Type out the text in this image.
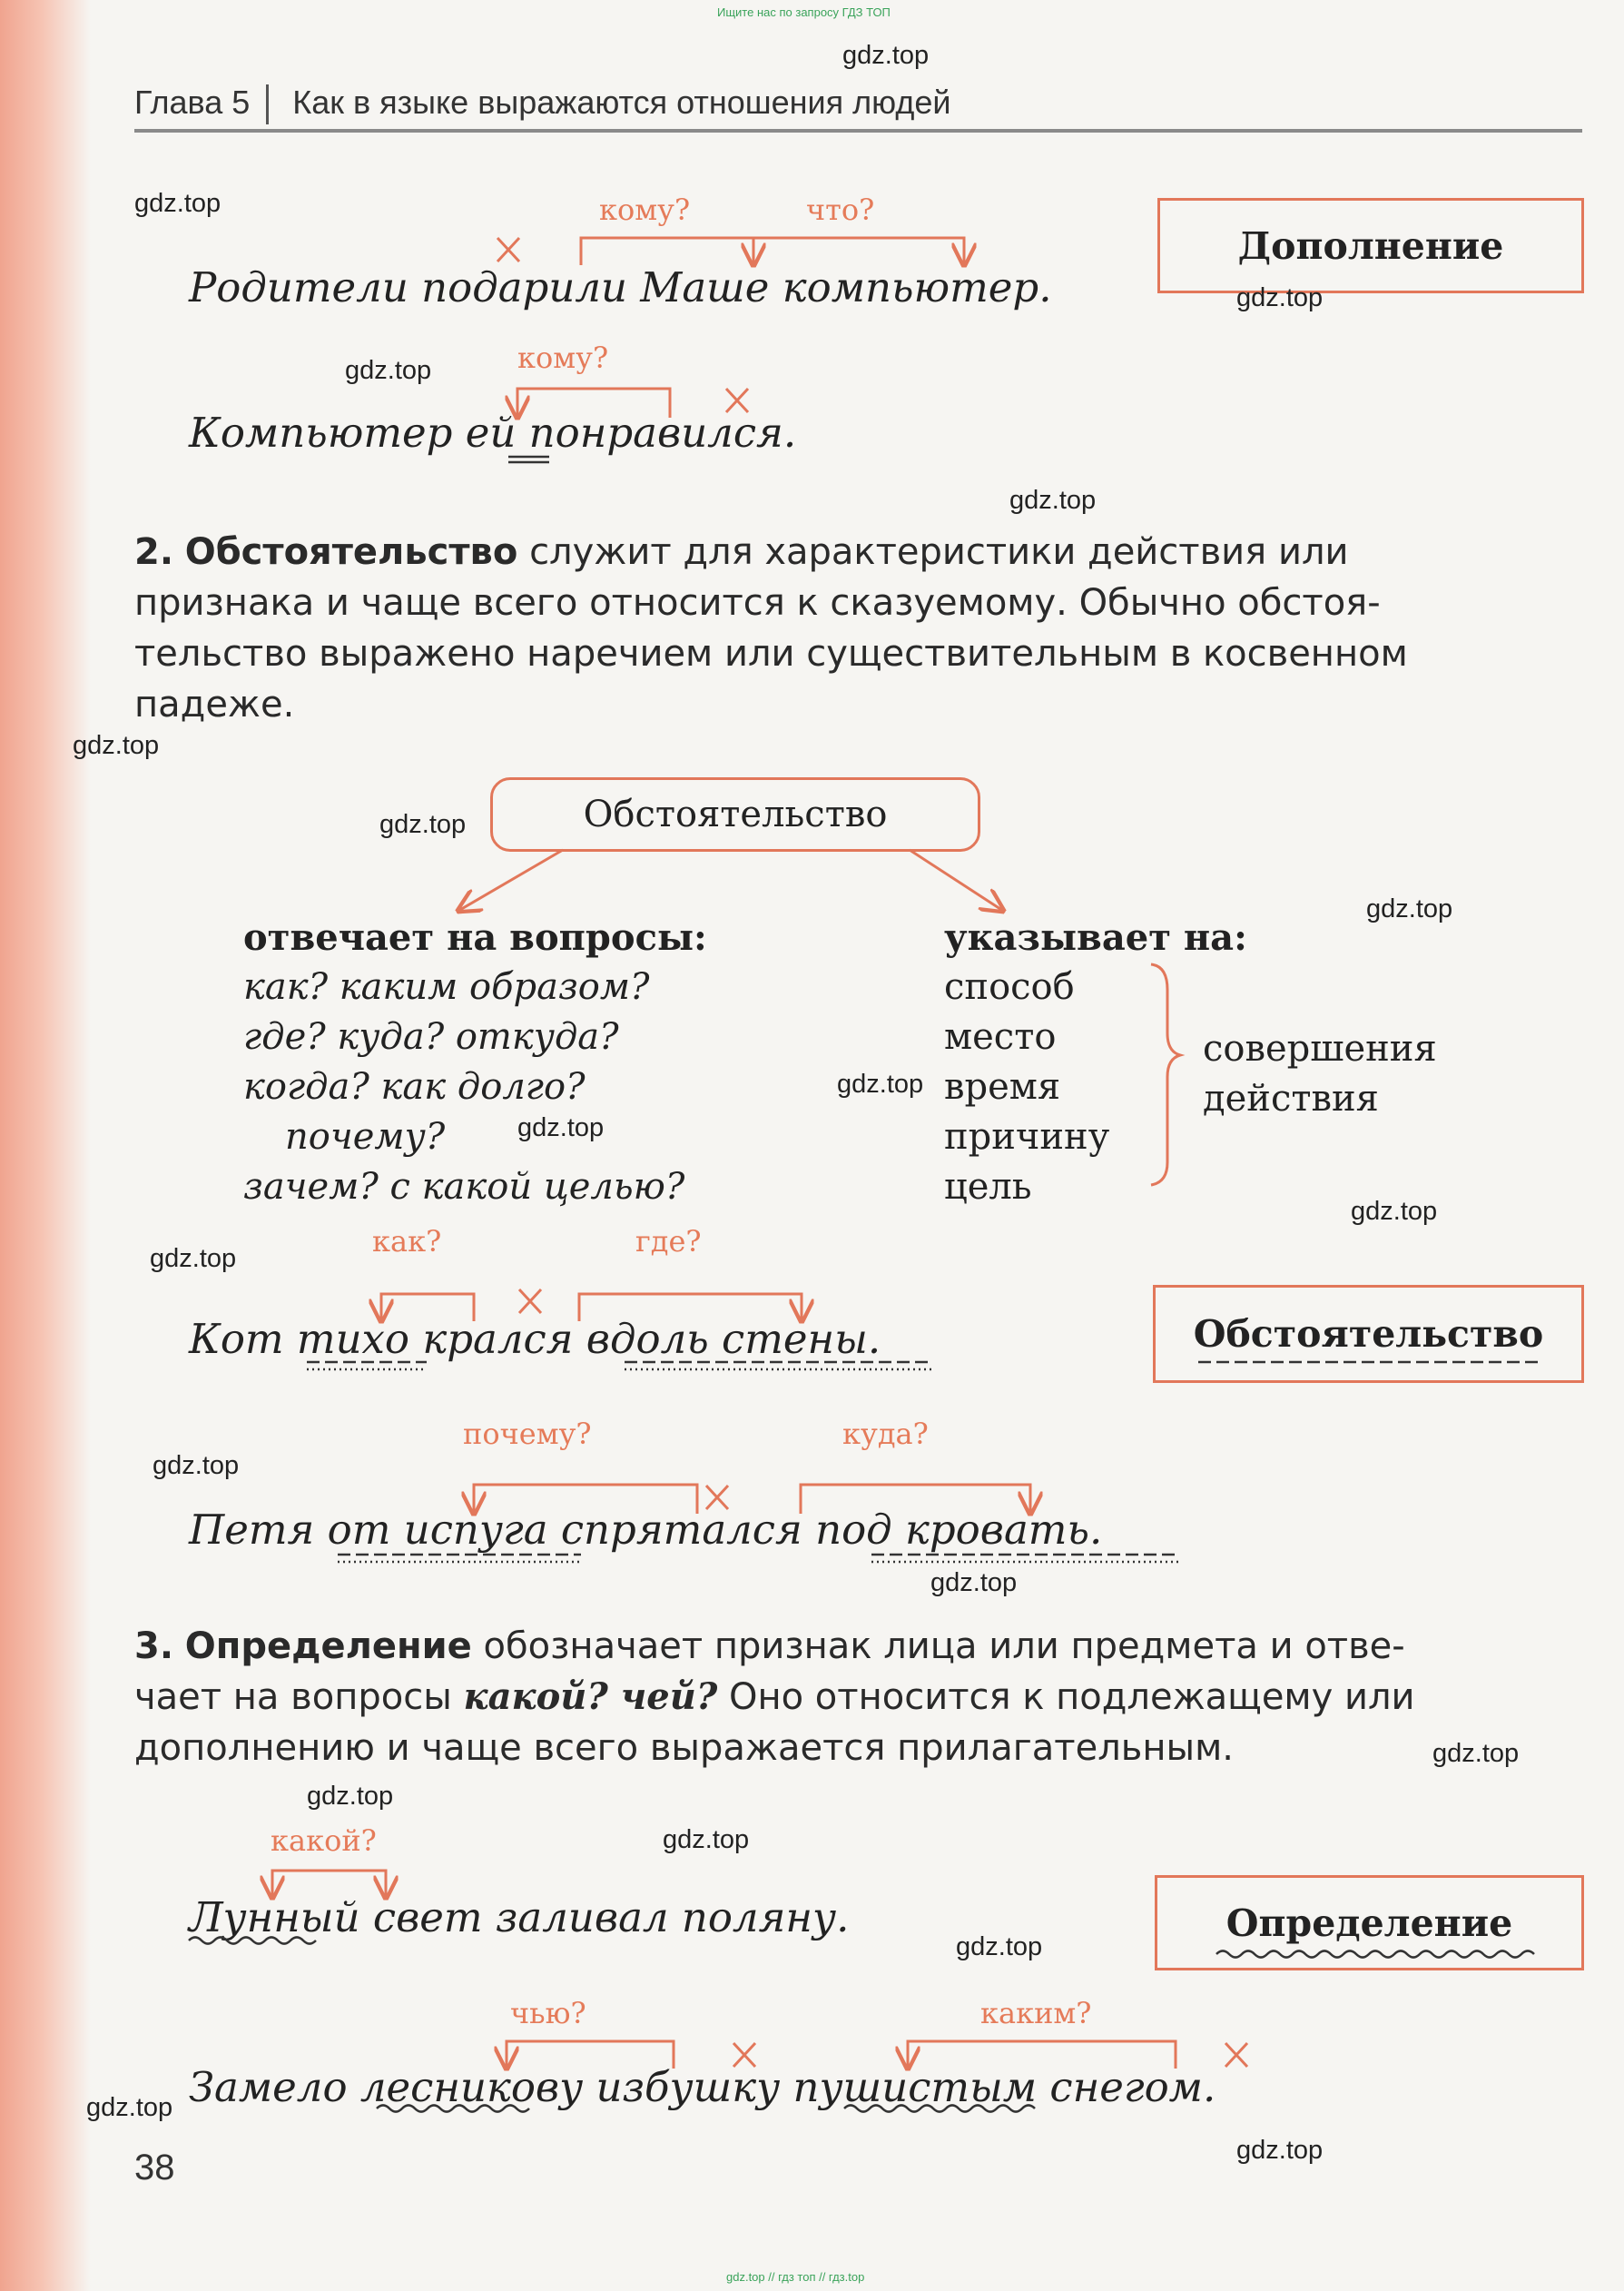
Ищите нас по запросу ГДЗ ТОП
Глава 5 Как в языке выражаются отношения людей
кому?	что?
Родители подарили Маше компьютер.
Дополнение
кому?
Компьютер ей понравился.
2. Обстоятельство служит для характеристики действия или
признака и чаще всего относится к сказуемому. Обычно обстоя-
тельство выражено наречием или существительным в косвенном
падеже.
Обстоятельство
отвечает на вопросы:
как? каким образом?
где? куда? откуда?
когда? как долго?
почему?
зачем? с какой целью?
указывает на:
способ
место
время
причину
цель
совершения
действия
как?	где?
Кот тихо крался вдоль стены.	Обстоятельство
почему?	куда?
Петя от испуга спрятался под кровать.
3. Определение обозначает признак лица или предмета и отве-
чает на вопросы какой? чей? Оно относится к подлежащему или
дополнению и чаще всего выражается прилагательным.
какой?
Лунный свет заливал поляну.	Определение
чью?	каким?
Замело лесникову избушку пушистым снегом.
38
gdz.top // гдз топ // гдз.top
gdz.top
gdz.top
gdz.top
gdz.top
gdz.top
gdz.top
gdz.top
gdz.top
gdz.top
gdz.top
gdz.top
gdz.top
gdz.top
gdz.top
gdz.top
gdz.top
gdz.top
gdz.top
gdz.top
gdz.top
